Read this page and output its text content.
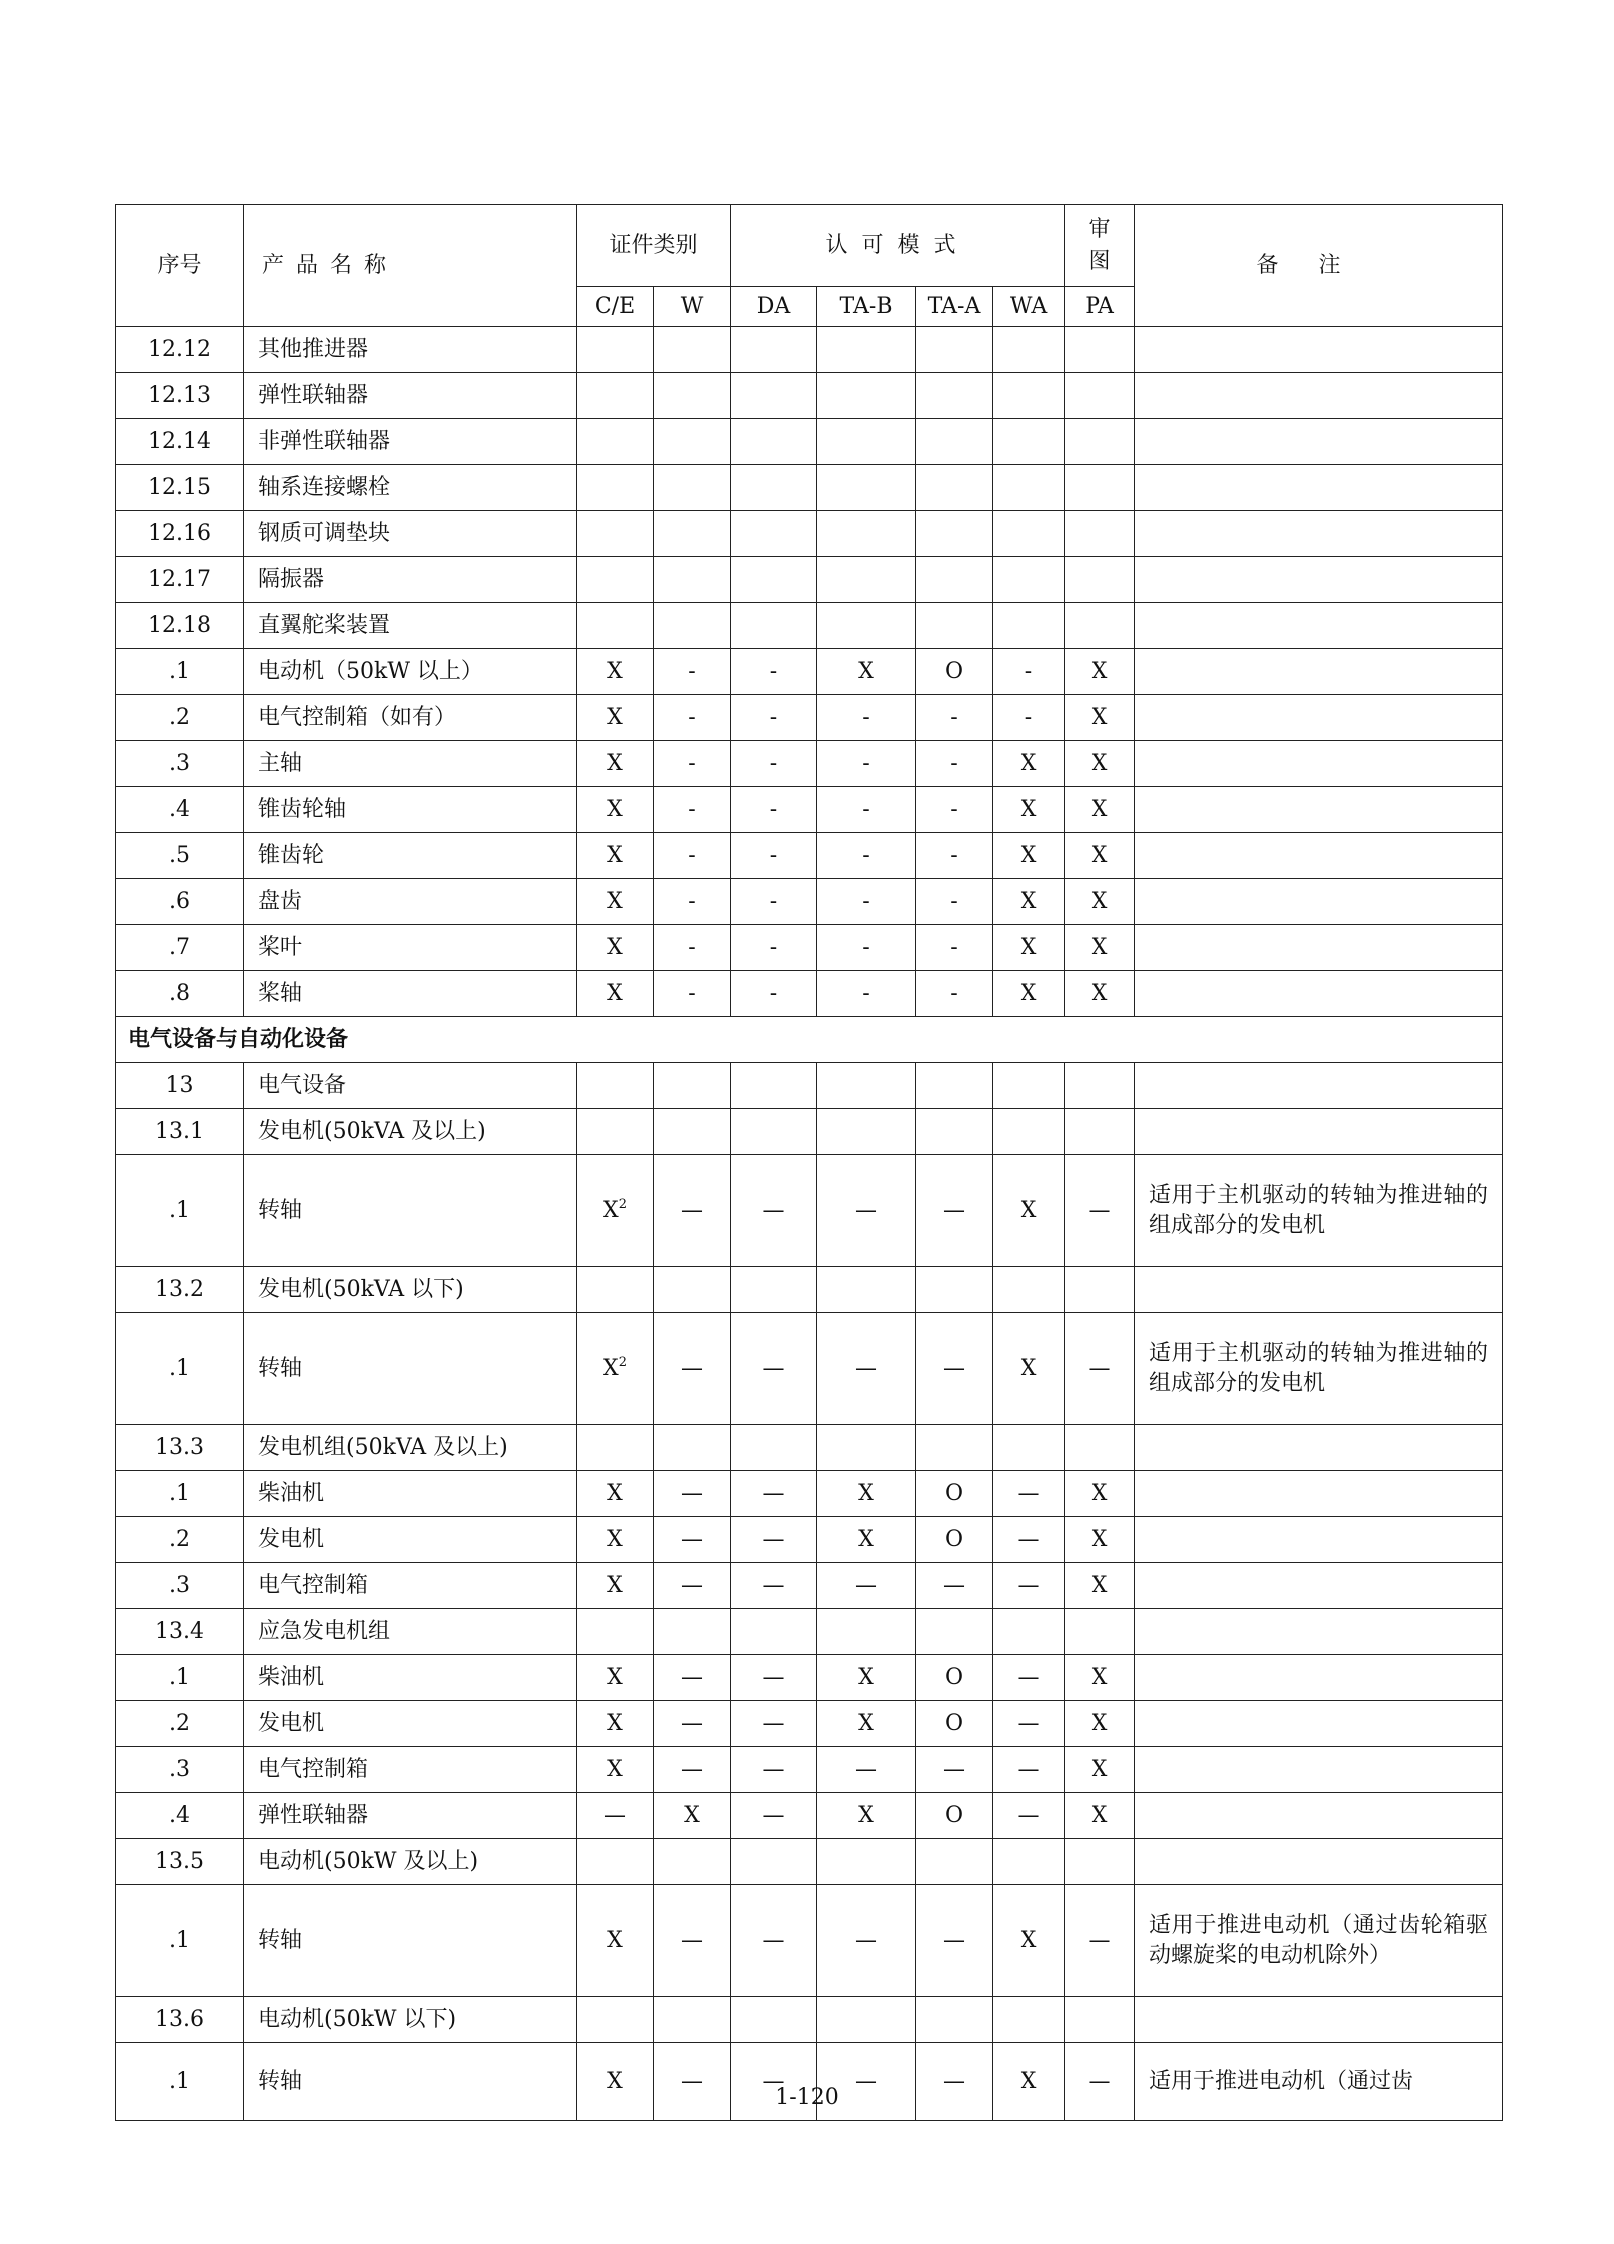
序号	产品名称	证件类别		认可模式				审图	备注
		C/E	W	DA	TA-B	TA-A	WA	PA	
12.12	其他推进器								
12.13	弹性联轴器								
12.14	非弹性联轴器								
12.15	轴系连接螺栓								
12.16	钢质可调垫块								
12.17	隔振器								
12.18	直翼舵桨装置								
.1	电动机（50kW 以上）	X	-	-	X	O	-	X	
.2	电气控制箱（如有）	X	-	-	-	-	-	X	
.3	主轴	X	-	-	-	-	X	X	
.4	锥齿轮轴	X	-	-	-	-	X	X	
.5	锥齿轮	X	-	-	-	-	X	X	
.6	盘齿	X	-	-	-	-	X	X	
.7	桨叶	X	-	-	-	-	X	X	
.8	桨轴	X	-	-	-	-	X	X	
电气设备与自动化设备									
13	电气设备								
13.1	发电机(50kVA 及以上)								
.1	转轴	$X^2$	—	—	—	—	X	—	适用于主机驱动的转轴为推进轴的组成部分的发电机
13.2	发电机(50kVA 以下)								
.1	转轴	$X^2$	—	—	—	—	X	—	适用于主机驱动的转轴为推进轴的组成部分的发电机
13.3	发电机组(50kVA 及以上)								
.1	柴油机	X	—	—	X	O	—	X	
.2	发电机	X	—	—	X	O	—	X	
.3	电气控制箱	X	—	—	—	—	—	X	
13.4	应急发电机组								
.1	柴油机	X	—	—	X	O	—	X	
.2	发电机	X	—	—	X	O	—	X	
.3	电气控制箱	X	—	—	—	—	—	X	
.4	弹性联轴器	—	X	—	X	O	—	X	
13.5	电动机(50kW 及以上)								
.1	转轴	X	—	—	—	—	X	—	适用于推进电动机（通过齿轮箱驱动螺旋桨的电动机除外）
13.6	电动机(50kW 以下)								
.1	转轴	X	—	—	—	—	X	—	适用于推进电动机（通过齿
1-120
